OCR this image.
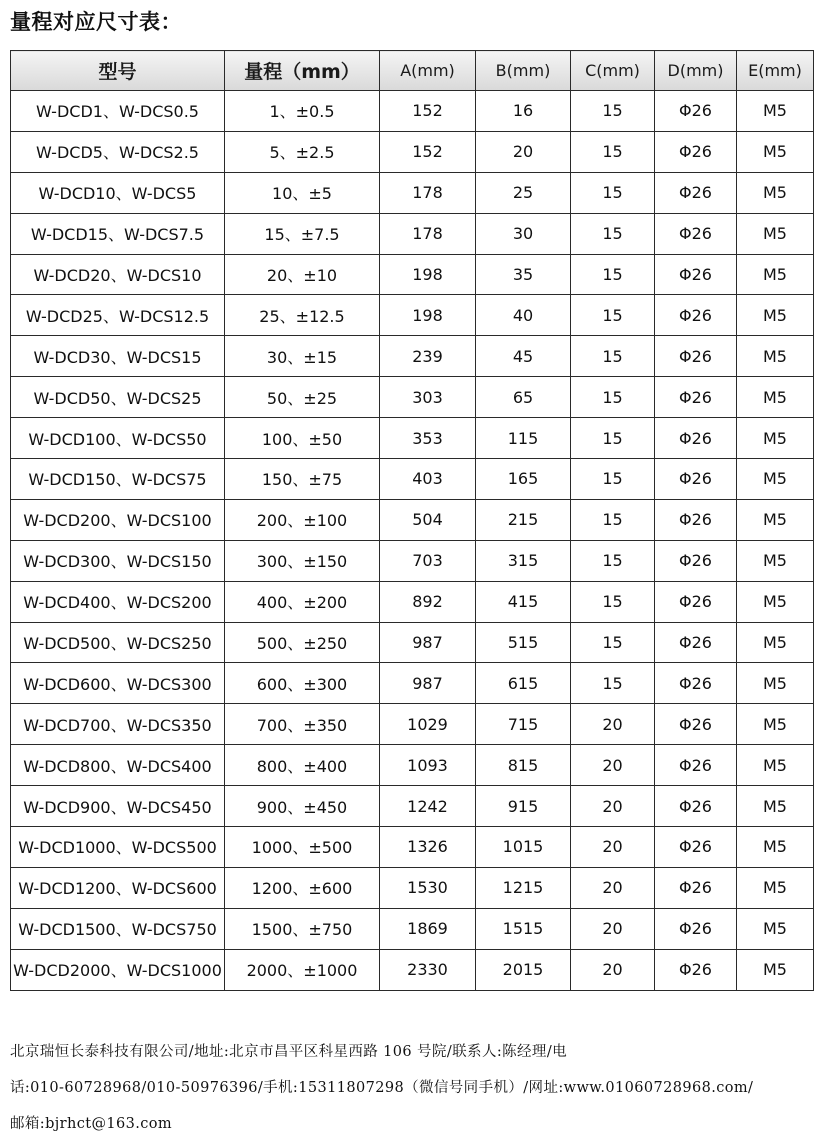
量程对应尺寸表：
型号	量程（mm）	A(mm)	B(mm)	C(mm)	D(mm)	E(mm)
W-DCD1、W-DCS0.5	1、±0.5	152	16	15	Φ26	M5
W-DCD5、W-DCS2.5	5、±2.5	152	20	15	Φ26	M5
W-DCD10、W-DCS5	10、±5	178	25	15	Φ26	M5
W-DCD15、W-DCS7.5	15、±7.5	178	30	15	Φ26	M5
W-DCD20、W-DCS10	20、±10	198	35	15	Φ26	M5
W-DCD25、W-DCS12.5	25、±12.5	198	40	15	Φ26	M5
W-DCD30、W-DCS15	30、±15	239	45	15	Φ26	M5
W-DCD50、W-DCS25	50、±25	303	65	15	Φ26	M5
W-DCD100、W-DCS50	100、±50	353	115	15	Φ26	M5
W-DCD150、W-DCS75	150、±75	403	165	15	Φ26	M5
W-DCD200、W-DCS100	200、±100	504	215	15	Φ26	M5
W-DCD300、W-DCS150	300、±150	703	315	15	Φ26	M5
W-DCD400、W-DCS200	400、±200	892	415	15	Φ26	M5
W-DCD500、W-DCS250	500、±250	987	515	15	Φ26	M5
W-DCD600、W-DCS300	600、±300	987	615	15	Φ26	M5
W-DCD700、W-DCS350	700、±350	1029	715	20	Φ26	M5
W-DCD800、W-DCS400	800、±400	1093	815	20	Φ26	M5
W-DCD900、W-DCS450	900、±450	1242	915	20	Φ26	M5
W-DCD1000、W-DCS500	1000、±500	1326	1015	20	Φ26	M5
W-DCD1200、W-DCS600	1200、±600	1530	1215	20	Φ26	M5
W-DCD1500、W-DCS750	1500、±750	1869	1515	20	Φ26	M5
W-DCD2000、W-DCS1000	2000、±1000	2330	2015	20	Φ26	M5
北京瑞恒长泰科技有限公司/地址:北京市昌平区科星西路 106 号院/联系人:陈经理/电
话:010-60728968/010-50976396/手机:15311807298（微信号同手机）/网址:www.01060728968.com/
邮箱:bjrhct@163.com
